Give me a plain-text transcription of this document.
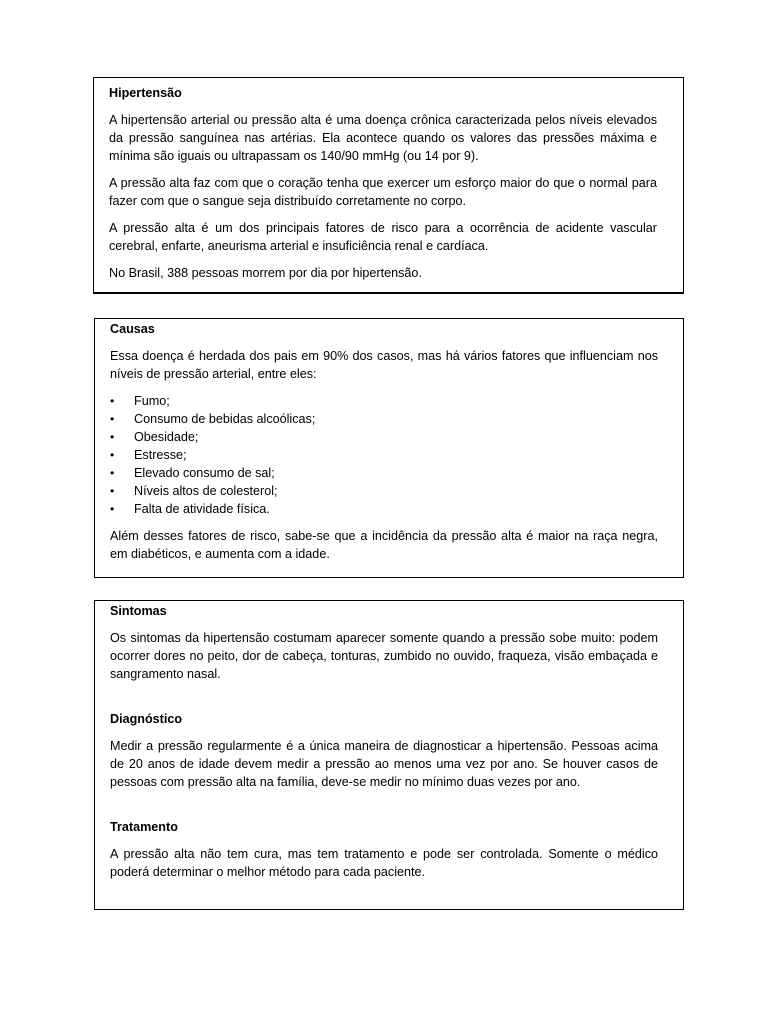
Hipertensão

A hipertensão arterial ou pressão alta é uma doença crônica caracterizada pelos níveis elevados da pressão sanguínea nas artérias. Ela acontece quando os valores das pressões máxima e mínima são iguais ou ultrapassam os 140/90 mmHg (ou 14 por 9).

A pressão alta faz com que o coração tenha que exercer um esforço maior do que o normal para fazer com que o sangue seja distribuído corretamente no corpo.

A pressão alta é um dos principais fatores de risco para a ocorrência de acidente vascular cerebral, enfarte, aneurisma arterial e insuficiência renal e cardíaca.

No Brasil, 388 pessoas morrem por dia por hipertensão.

Causas

Essa doença é herdada dos pais em 90% dos casos, mas há vários fatores que influenciam nos níveis de pressão arterial, entre eles:

• Fumo;
• Consumo de bebidas alcoólicas;
• Obesidade;
• Estresse;
• Elevado consumo de sal;
• Níveis altos de colesterol;
• Falta de atividade física.

Além desses fatores de risco, sabe-se que a incidência da pressão alta é maior na raça negra, em diabéticos, e aumenta com a idade.

Sintomas

Os sintomas da hipertensão costumam aparecer somente quando a pressão sobe muito: podem ocorrer dores no peito, dor de cabeça, tonturas, zumbido no ouvido, fraqueza, visão embaçada e sangramento nasal.

Diagnóstico

Medir a pressão regularmente é a única maneira de diagnosticar a hipertensão. Pessoas acima de 20 anos de idade devem medir a pressão ao menos uma vez por ano. Se houver casos de pessoas com pressão alta na família, deve-se medir no mínimo duas vezes por ano.

Tratamento

A pressão alta não tem cura, mas tem tratamento e pode ser controlada. Somente o médico poderá determinar o melhor método para cada paciente.
